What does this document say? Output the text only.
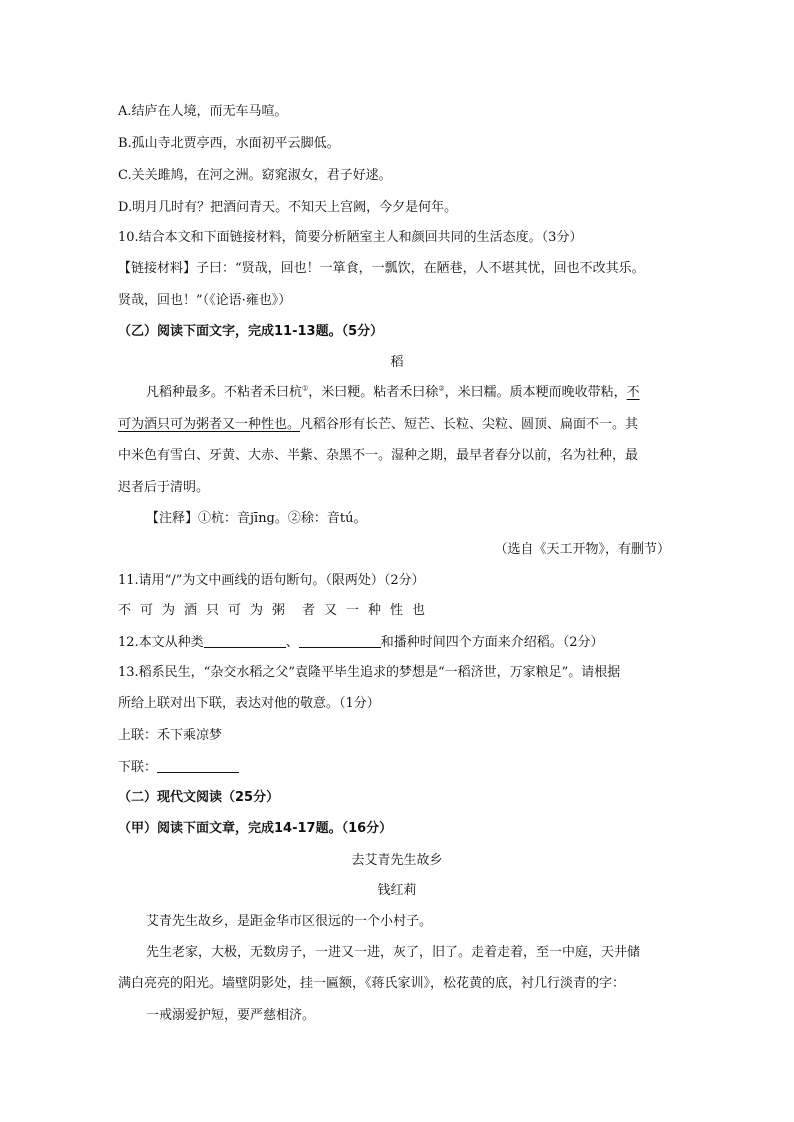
A.结庐在人境，而无车马喧。
B.孤山寺北贾亭西，水面初平云脚低。
C.关关雎鸠，在河之洲。窈窕淑女，君子好逑。
D.明月几时有？把酒问青天。不知天上宫阙，今夕是何年。
10.结合本文和下面链接材料，简要分析陋室主人和颜回共同的生活态度。（3分）
【链接材料】子曰：“贤哉，回也！一箪食，一瓢饮，在陋巷，人不堪其忧，回也不改其乐。
贤哉，回也！”（《论语·雍也》）
（乙）阅读下面文字，完成11-13题。（5分）
稻
凡稻种最多。不粘者禾曰杭①，米曰粳。粘者禾曰稌②，米曰糯。质本粳而晚收带粘，不
可为酒只可为粥者又一种性也。凡稻谷形有长芒、短芒、长粒、尖粒、圆顶、扁面不一。其
中米色有雪白、牙黄、大赤、半紫、杂黑不一。湿种之期，最早者春分以前，名为社种，最
迟者后于清明。
【注释】①杭：音jīng。②稌：音tú。
（选自《天工开物》，有删节）
11.请用“/”为文中画线的语句断句。（限两处）（2分）
不可为酒只可为粥 者又一种性也
12.本文从种类	、	和播种时间四个方面来介绍稻。（2分）
13.稻系民生，“杂交水稻之父”袁隆平毕生追求的梦想是“一稻济世，万家粮足”。请根据
所给上联对出下联，表达对他的敬意。（1分）
上联：禾下乘凉梦
下联：
（二）现代文阅读（25分）
（甲）阅读下面文章，完成14-17题。（16分）
去艾青先生故乡
钱红莉
艾青先生故乡，是距金华市区很远的一个小村子。
先生老家，大极，无数房子，一进又一进，灰了，旧了。走着走着，至一中庭，天井储
满白亮亮的阳光。墙壁阴影处，挂一匾额，《蒋氏家训》，松花黄的底，衬几行淡青的字：
一戒溺爱护短，要严慈相济。
